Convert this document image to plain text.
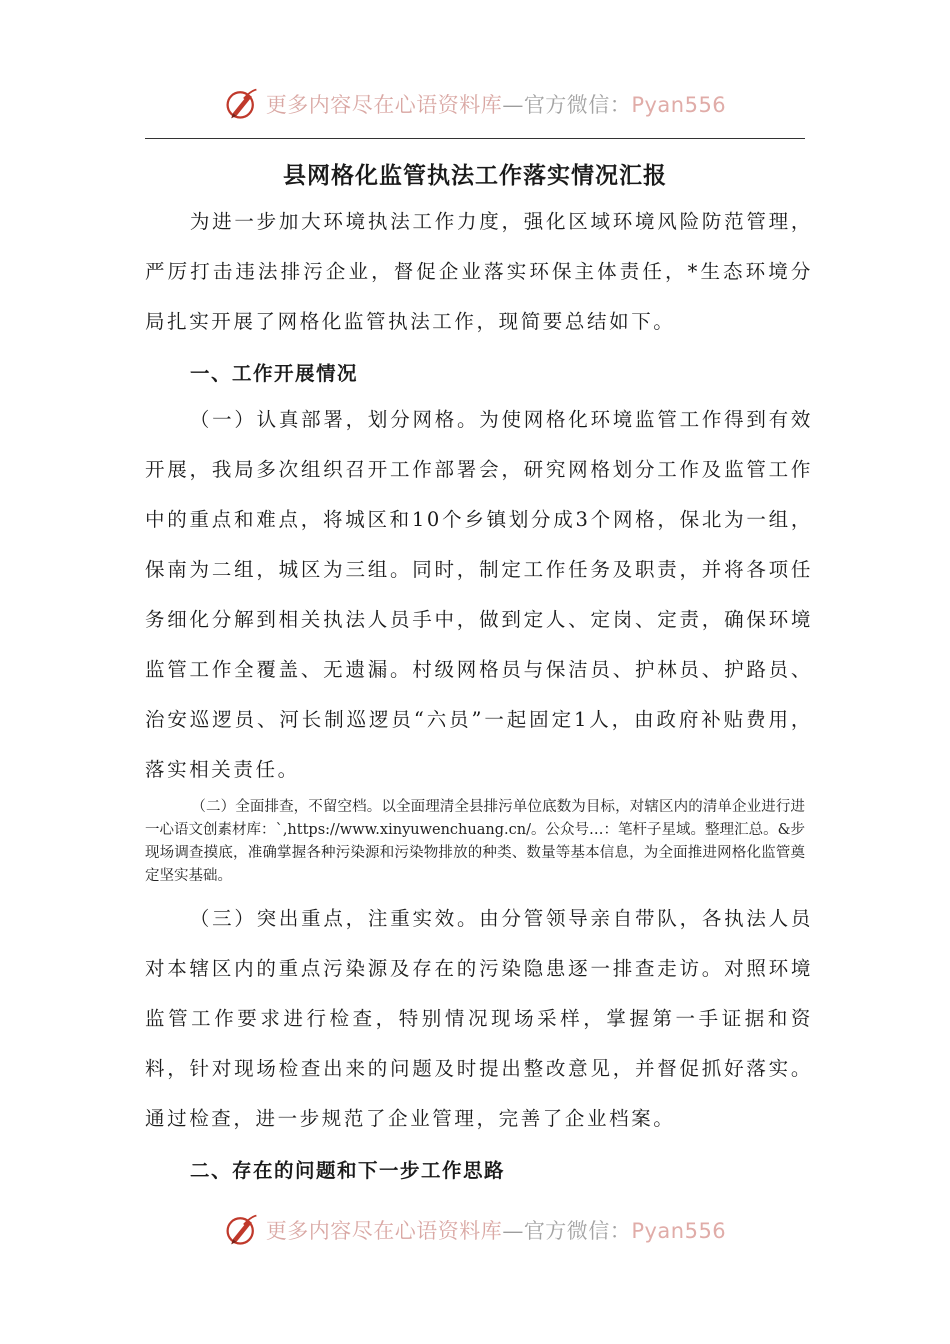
更多内容尽在心语资料库—官方微信：Pyan556
县网格化监管执法工作落实情况汇报

为进一步加大环境执法工作力度，强化区域环境风险防范管理，严厉打击违法排污企业，督促企业落实环保主体责任，*生态环境分局扎实开展了网格化监管执法工作，现简要总结如下。

一、工作开展情况

（一）认真部署，划分网格。为使网格化环境监管工作得到有效开展，我局多次组织召开工作部署会，研究网格划分工作及监管工作中的重点和难点，将城区和10个乡镇划分成3个网格，保北为一组，保南为二组，城区为三组。同时，制定工作任务及职责，并将各项任务细化分解到相关执法人员手中，做到定人、定岗、定责，确保环境监管工作全覆盖、无遗漏。村级网格员与保洁员、护林员、护路员、治安巡逻员、河长制巡逻员“六员”一起固定1人，由政府补贴费用，落实相关责任。

（二）全面排查，不留空档。以全面理清全县排污单位底数为目标，对辖区内的清单企业进行进一心语文创素材库：`,https://www.xinyuwenchuang.cn/。公众号…：笔杆子星域。整理汇总。&步现场调查摸底，准确掌握各种污染源和污染物排放的种类、数量等基本信息，为全面推进网格化监管奠定坚实基础。

（三）突出重点，注重实效。由分管领导亲自带队，各执法人员对本辖区内的重点污染源及存在的污染隐患逐一排查走访。对照环境监管工作要求进行检查，特别情况现场采样，掌握第一手证据和资料，针对现场检查出来的问题及时提出整改意见，并督促抓好落实。通过检查，进一步规范了企业管理，完善了企业档案。

二、存在的问题和下一步工作思路
更多内容尽在心语资料库—官方微信：Pyan556
